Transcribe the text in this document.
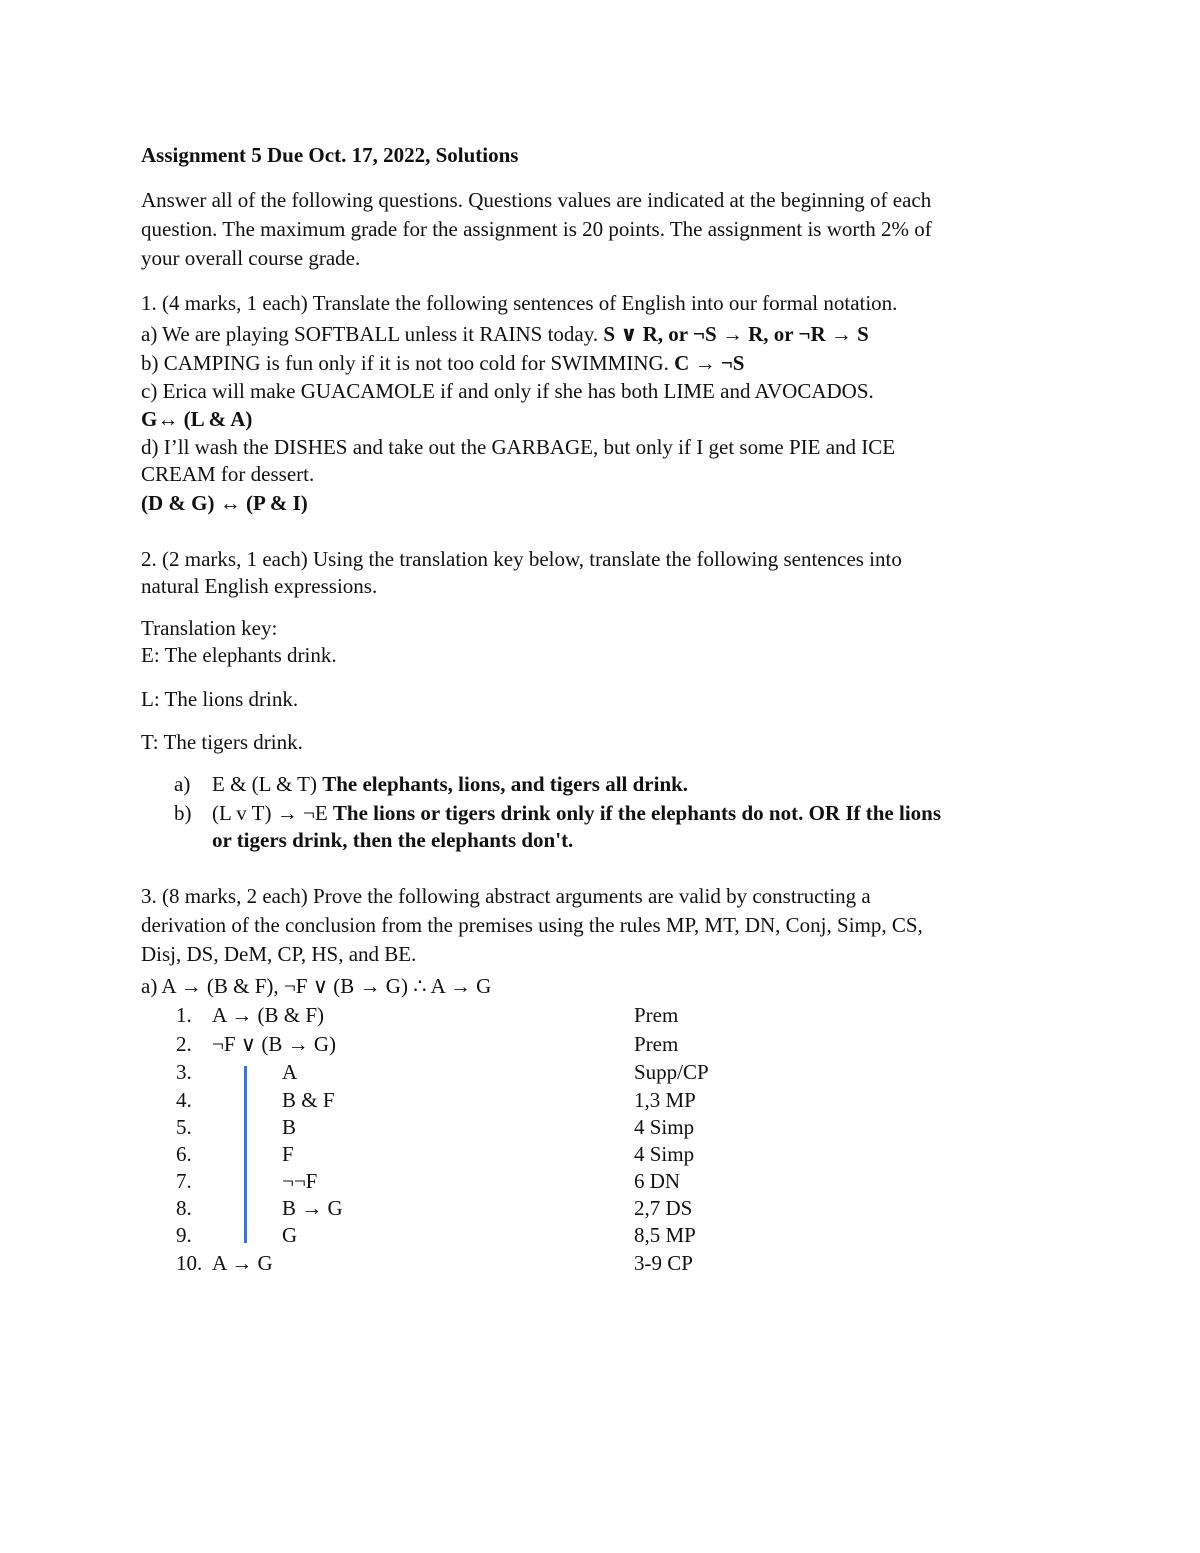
Assignment 5 Due Oct. 17, 2022, Solutions
Answer all of the following questions. Questions values are indicated at the beginning of each
question. The maximum grade for the assignment is 20 points. The assignment is worth 2% of
your overall course grade.
1. (4 marks, 1 each) Translate the following sentences of English into our formal notation.
a) We are playing SOFTBALL unless it RAINS today. S ∨ R, or ¬S → R, or ¬R → S
b) CAMPING is fun only if it is not too cold for SWIMMING. C → ¬S
c) Erica will make GUACAMOLE if and only if she has both LIME and AVOCADOS.
G↔ (L & A)
d) I’ll wash the DISHES and take out the GARBAGE, but only if I get some PIE and ICE
CREAM for dessert.
(D & G) ↔ (P & I)
2. (2 marks, 1 each) Using the translation key below, translate the following sentences into
natural English expressions.
Translation key:
E: The elephants drink.
L: The lions drink.
T: The tigers drink.
a) E & (L & T) The elephants, lions, and tigers all drink.
b) (L v T) → ¬E The lions or tigers drink only if the elephants do not. OR If the lions
or tigers drink, then the elephants don't.
3. (8 marks, 2 each) Prove the following abstract arguments are valid by constructing a
derivation of the conclusion from the premises using the rules MP, MT, DN, Conj, Simp, CS,
Disj, DS, DeM, CP, HS, and BE.
a) A → (B & F), ¬F ∨ (B → G) ∴ A → G
1. A → (B & F)	Prem
2. ¬F ∨ (B → G)	Prem
3.	A	Supp/CP
4.	B & F	1,3 MP
5.	B	4 Simp
6.	F	4 Simp
7.	¬¬F	6 DN
8.	B → G	2,7 DS
9.	G	8,5 MP
10. A → G	3-9 CP
